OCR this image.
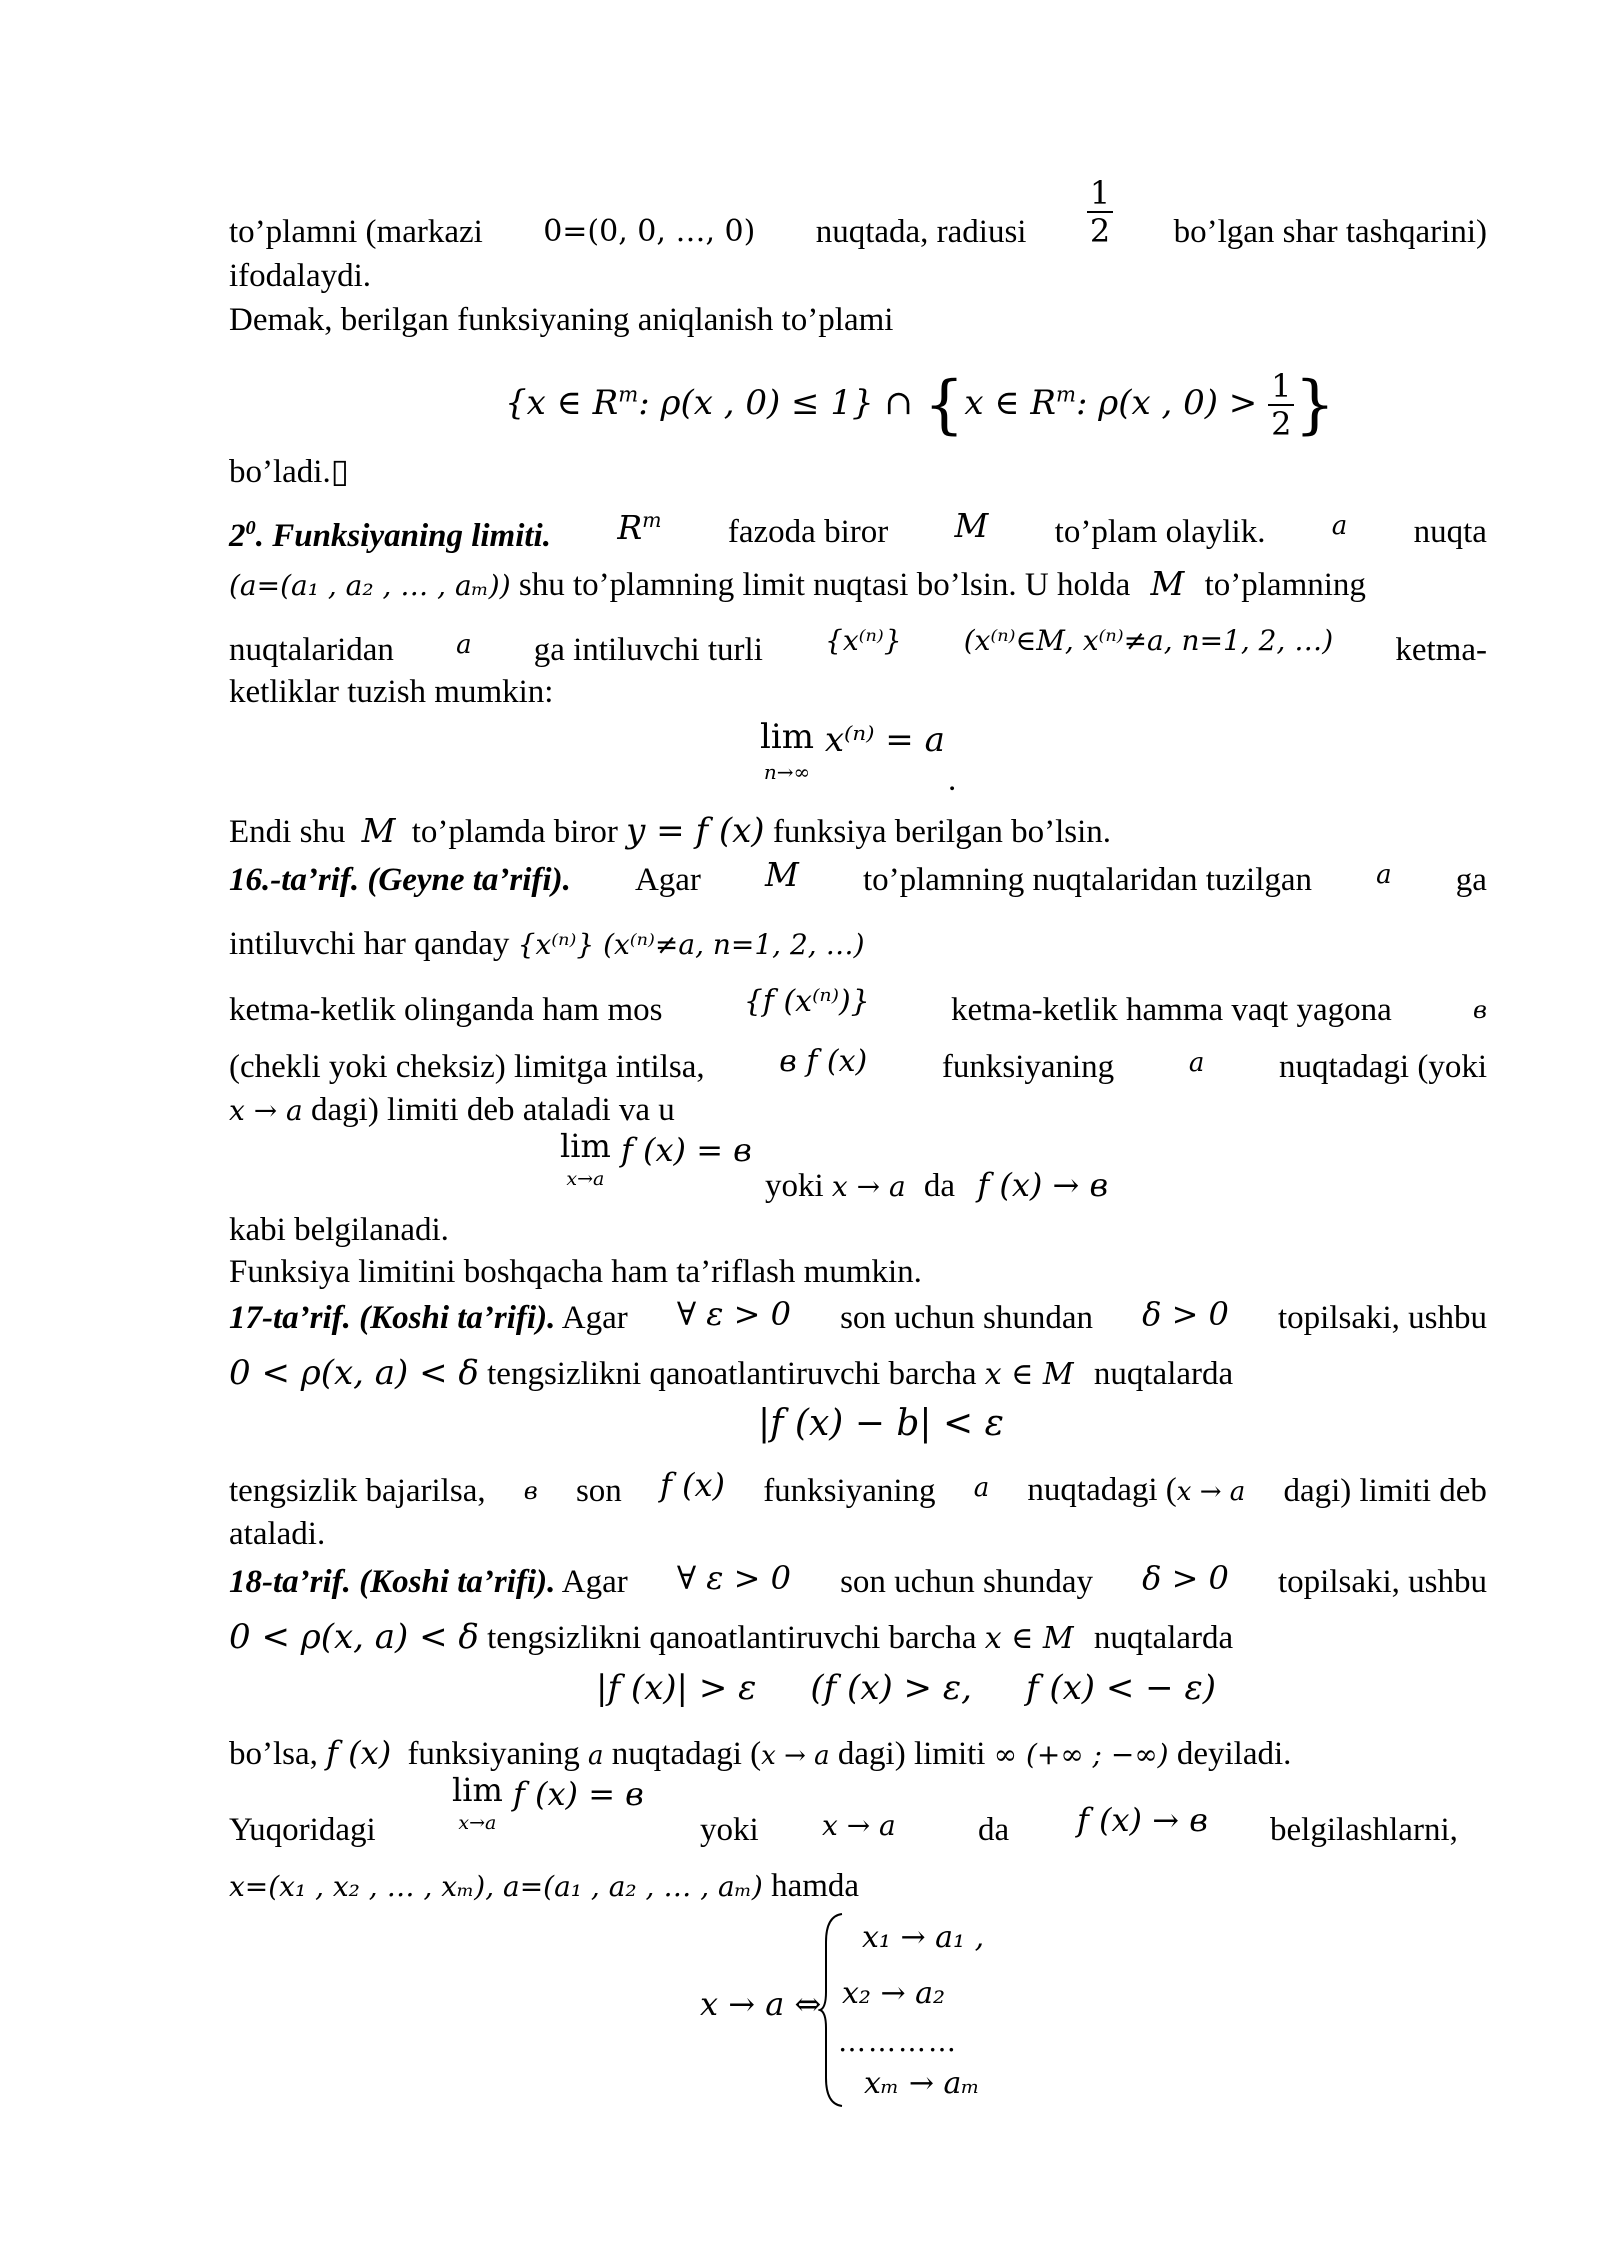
to’plamni (markazi 0=(0, 0, …, 0) nuqtada, radiusi $\frac{1}{2}$ bo’lgan shar tashqarini)
ifodalaydi.
Demak, berilgan funksiyaning aniqlanish to’plami
{x ∈ $R^m$: ρ(x , 0) ≤ 1} ∩ {x ∈ $R^m$: ρ(x , $0) > \frac{1}{2}$ }
bo’ladi.▯
$2^0$. Funksiyaning limiti. $R^m$ fazoda biror M to’plam olaylik.	a nuqta
(a=(a₁ , a₂ , … , aₘ)) shu to’plamning limit nuqtasi bo’lsin. U holda M to’plamning
nuqtalaridan a ga intiluvchi turli {x⁽ⁿ⁾} (x⁽ⁿ⁾∈M, x⁽ⁿ⁾≠a, n=1, 2, …) ketma-
ketliklar tuzish mumkin:
lim
n→∞
x⁽ⁿ⁾ = a
.
Endi shu M to’plamda biror y = f (x) funksiya berilgan bo’lsin.
16.-ta’rif. (Geyne ta’rifi). Agar M to’plamning nuqtalaridan tuzilgan a ga
intiluvchi har qanday {x⁽ⁿ⁾} (x⁽ⁿ⁾≠a, n=1, 2, …)
ketma-ketlik olinganda ham mos	{f (x⁽ⁿ⁾)} ketma-ketlik hamma vaqt yagona	в
(chekli yoki cheksiz) limitga intilsa, в f (x) funksiyaning	a nuqtadagi (yoki
x → a dagi) limiti deb ataladi va u
lim
x→a
f (x) = в
yoki x → a da f (x) → в
kabi belgilanadi.
Funksiya limitini boshqacha ham ta’riflash mumkin.
17-ta’rif. (Koshi ta’rifi). Agar ∀ ε > 0 son uchun shundan δ > 0 topilsaki, ushbu
0 < ρ(x, a) < δ tengsizlikni qanoatlantiruvchi barcha x ∈ M nuqtalarda
|f (x) − b| < ε
tengsizlik bajarilsa, в son f (x) funksiyaning a nuqtadagi (x → a dagi) limiti deb
ataladi.
18-ta’rif. (Koshi ta’rifi). Agar ∀ ε > 0 son uchun shunday δ > 0 topilsaki, ushbu
0 < ρ(x, a) < δ tengsizlikni qanoatlantiruvchi barcha x ∈ M nuqtalarda
|f (x)| > ε     (f (x) > ε,     f (x) < − ε)
bo’lsa, f (x) funksiyaning a nuqtadagi (x → a dagi) limiti ∞ (+∞ ; −∞) deyiladi.
lim
x→a
f (x) = в
Yuqoridagi	yoki x → a da f (x) → в belgilashlarni,
x=(x₁ , x₂ , … , xₘ), a=(a₁ , a₂ , … , aₘ) hamda
x → a ⇔
x₁ → a₁ ,
x₂ → a₂
…………
xₘ → aₘ
